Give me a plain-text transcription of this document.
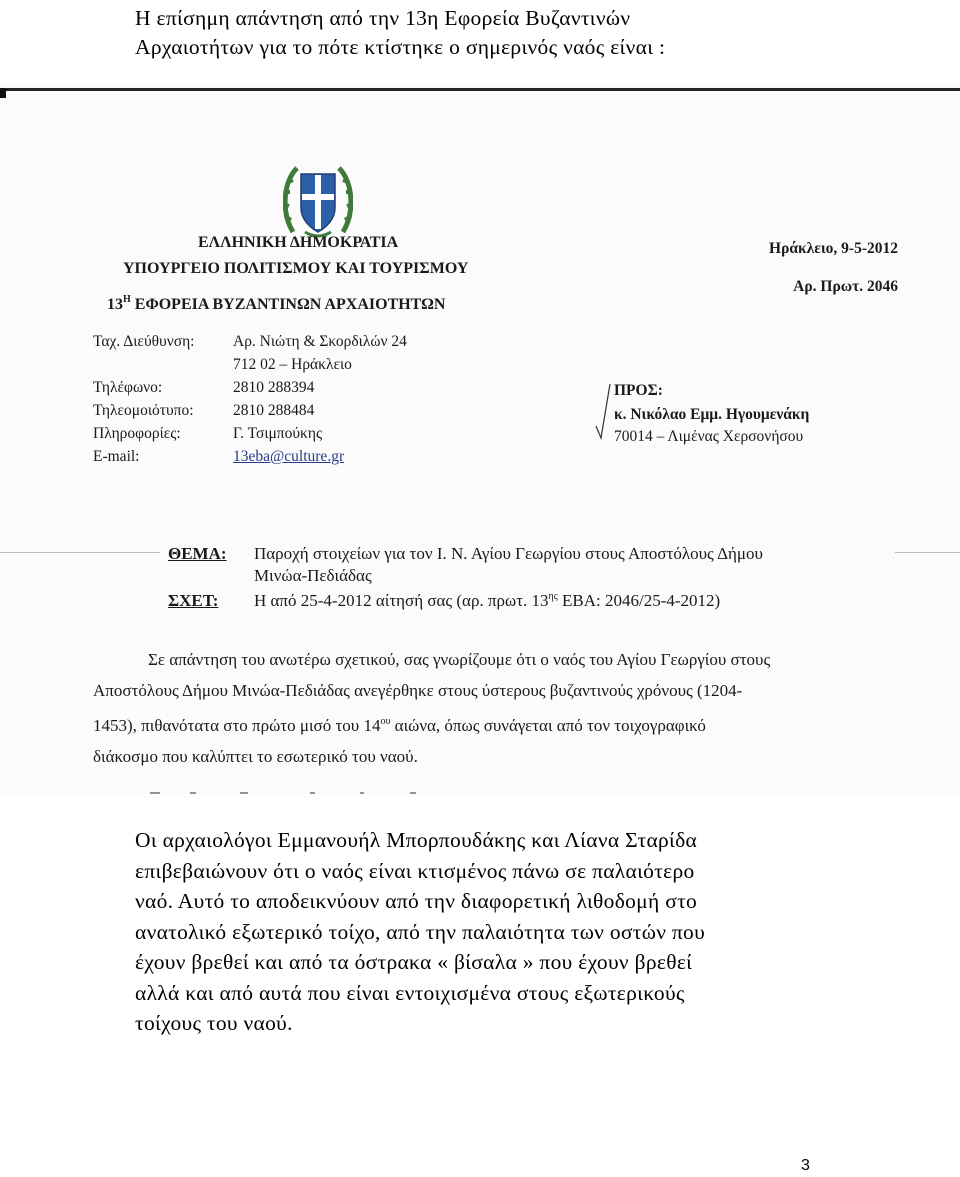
Η επίσημη απάντηση από την 13η Εφορεία Βυζαντινών
Αρχαιοτήτων για το πότε κτίστηκε ο σημερινός ναός είναι :
ΕΛΛΗΝΙΚΗ ΔΗΜΟΚΡΑΤΙΑ
ΥΠΟΥΡΓΕΙΟ ΠΟΛΙΤΙΣΜΟΥ ΚΑΙ ΤΟΥΡΙΣΜΟΥ
$13^H$ ΕΦΟΡΕΙΑ ΒΥΖΑΝΤΙΝΩΝ ΑΡΧΑΙΟΤΗΤΩΝ
Ηράκλειο, 9-5-2012
Αρ. Πρωτ. 2046
Ταχ. Διεύθυνση: Αρ. Νιώτη & Σκορδιλών 24
712 02 – Ηράκλειο
Τηλέφωνο:	2810 288394
Τηλεομοιότυπο:	2810 288484
Πληροφορίες:	Γ. Τσιμπούκης
E-mail:	13eba@culture.gr
ΠΡΟΣ:
κ. Νικόλαο Εμμ. Ηγουμενάκη
70014 – Λιμένας Χερσονήσου
ΘΕΜΑ: Παροχή στοιχείων για τον Ι. Ν. Αγίου Γεωργίου στους Αποστόλους Δήμου
Μινώα-Πεδιάδας
ΣΧΕΤ: Η από 25-4-2012 αίτησή σας (αρ. πρωτ. $13^{\eta\varsigma}$ ΕΒΑ: 2046/25-4-2012)
Σε απάντηση του ανωτέρω σχετικού, σας γνωρίζουμε ότι ο ναός του Αγίου Γεωργίου στους
Αποστόλους Δήμου Μινώα-Πεδιάδας ανεγέρθηκε στους ύστερους βυζαντινούς χρόνους (1204-
1453), πιθανότατα στο πρώτο μισό του $14^{o\upsilon}$ αιώνα, όπως συνάγεται από τον τοιχογραφικό
διάκοσμο που καλύπτει το εσωτερικό του ναού.
Οι αρχαιολόγοι Εμμανουήλ Μπορπουδάκης και Λίανα Σταρίδα
επιβεβαιώνουν ότι ο ναός είναι κτισμένος πάνω σε παλαιότερο
ναό. Αυτό το αποδεικνύουν από την διαφορετική λιθοδομή στο
ανατολικό εξωτερικό τοίχο, από την παλαιότητα των οστών που
έχουν βρεθεί και από τα όστρακα « βίσαλα » που έχουν βρεθεί
αλλά και από αυτά που είναι εντοιχισμένα στους εξωτερικούς
τοίχους του ναού.
3
